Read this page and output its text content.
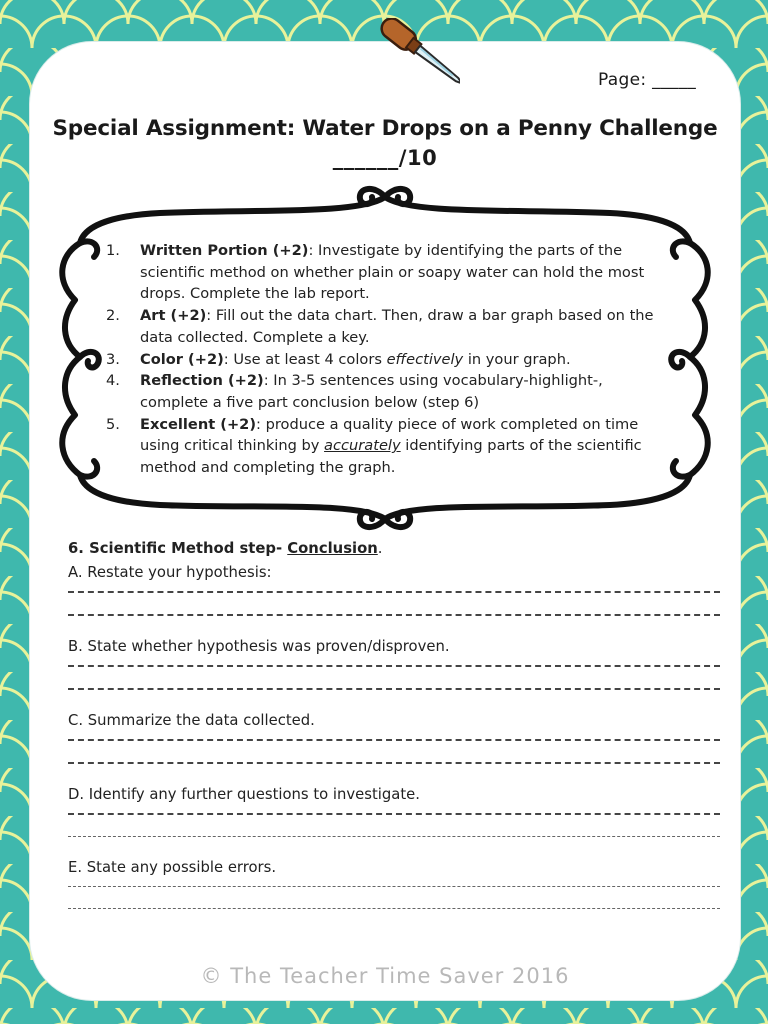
Page: _____
Special Assignment: Water Drops on a Penny Challenge
______/10
1. Written Portion (+2): Investigate by identifying the parts of the scientific method on whether plain or soapy water can hold the most drops. Complete the lab report.
2. Art (+2): Fill out the data chart. Then, draw a bar graph based on the data collected. Complete a key.
3. Color (+2): Use at least 4 colors effectively in your graph.
4. Reflection (+2): In 3-5 sentences using vocabulary-highlight-, complete a five part conclusion below (step 6)
5. Excellent (+2): produce a quality piece of work completed on time using critical thinking by accurately identifying parts of the scientific method and completing the graph.
6. Scientific Method step- Conclusion.
A. Restate your hypothesis:
B. State whether hypothesis was proven/disproven.
C. Summarize the data collected.
D. Identify any further questions to investigate.
E. State any possible errors.
© The Teacher Time Saver 2016
